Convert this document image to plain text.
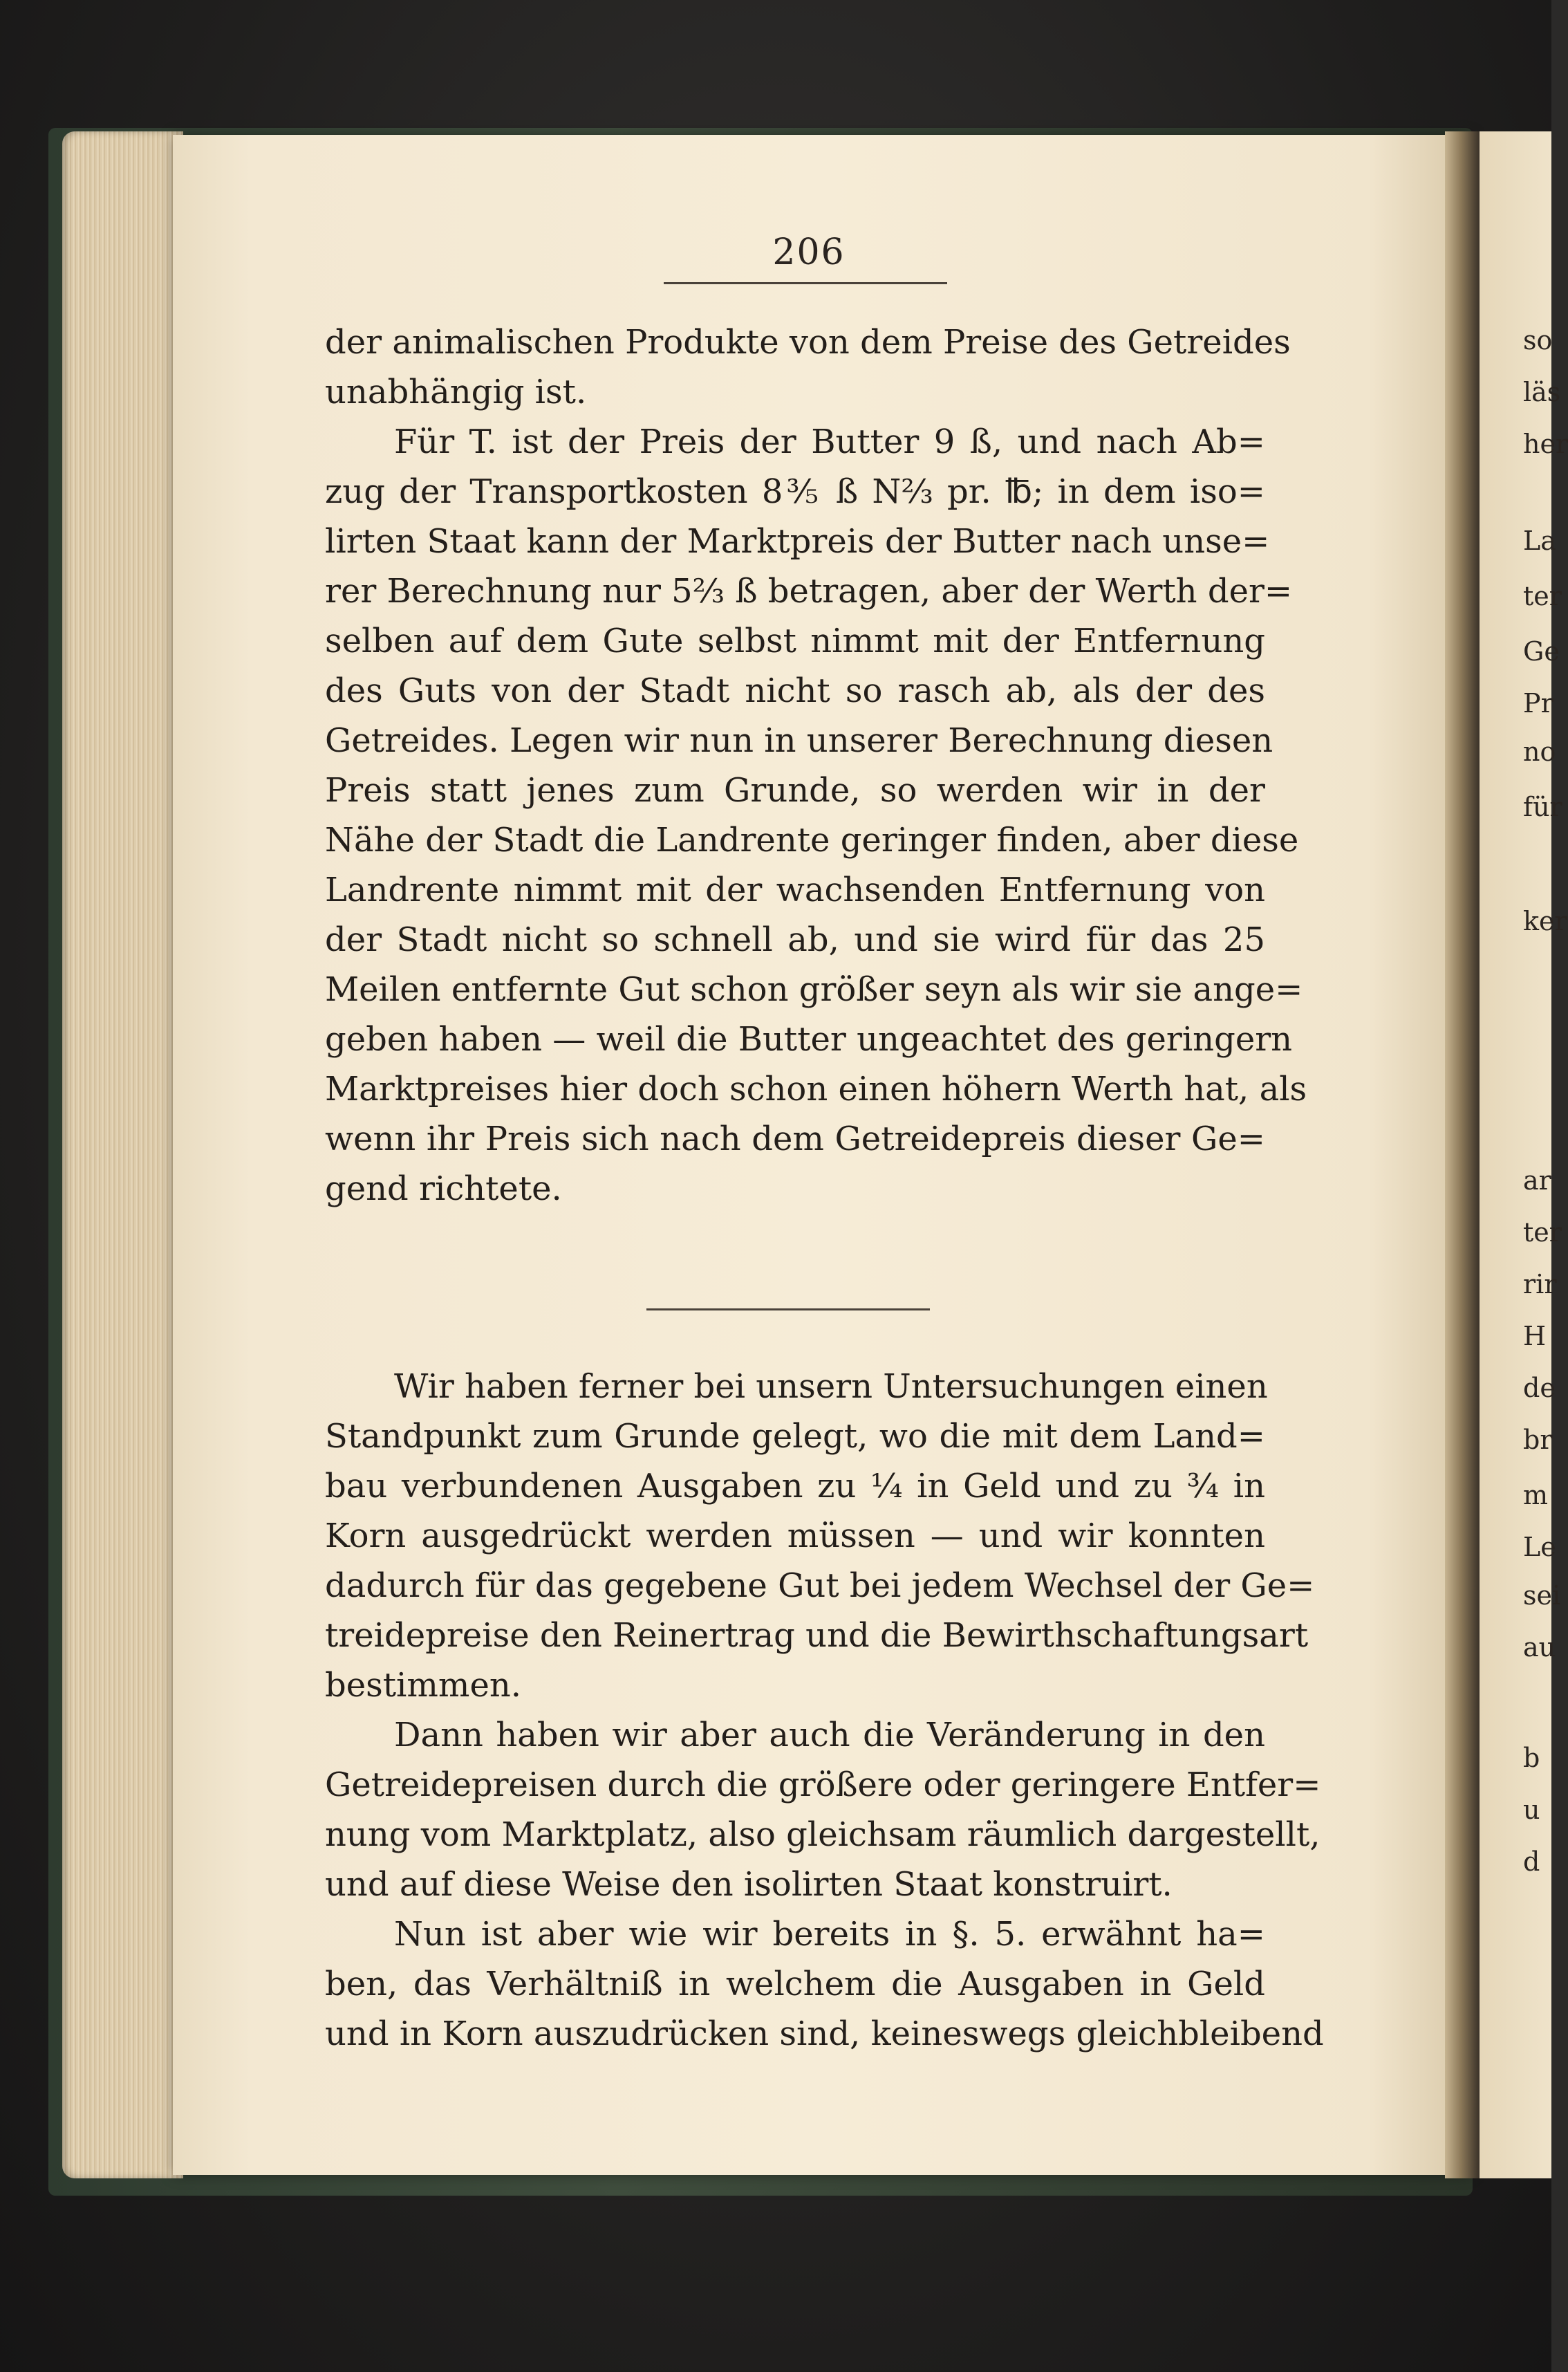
so
läs
her
La
ter
Ge
Pr
no
für
ker
ar
ter
rir
H
de
br
m
Le
sei
au
b
u
d
206
der animalischen Produkte von dem Preise des Getreides
unabhängig ist.
Für T. ist der Preis der Butter 9 ß, und nach Ab=
zug der Transportkosten 8⅗ ß N⅔ pr. ℔; in dem iso=
lirten Staat kann der Marktpreis der Butter nach unse=
rer Berechnung nur 5⅔ ß betragen, aber der Werth der=
selben auf dem Gute selbst nimmt mit der Entfernung
des Guts von der Stadt nicht so rasch ab, als der des
Getreides. Legen wir nun in unserer Berechnung diesen
Preis statt jenes zum Grunde, so werden wir in der
Nähe der Stadt die Landrente geringer finden, aber diese
Landrente nimmt mit der wachsenden Entfernung von
der Stadt nicht so schnell ab, und sie wird für das 25
Meilen entfernte Gut schon größer seyn als wir sie ange=
geben haben — weil die Butter ungeachtet des geringern
Marktpreises hier doch schon einen höhern Werth hat, als
wenn ihr Preis sich nach dem Getreidepreis dieser Ge=
gend richtete.
Wir haben ferner bei unsern Untersuchungen einen
Standpunkt zum Grunde gelegt, wo die mit dem Land=
bau verbundenen Ausgaben zu ¼ in Geld und zu ¾ in
Korn ausgedrückt werden müssen — und wir konnten
dadurch für das gegebene Gut bei jedem Wechsel der Ge=
treidepreise den Reinertrag und die Bewirthschaftungsart
bestimmen.
Dann haben wir aber auch die Veränderung in den
Getreidepreisen durch die größere oder geringere Entfer=
nung vom Marktplatz, also gleichsam räumlich dargestellt,
und auf diese Weise den isolirten Staat konstruirt.
Nun ist aber wie wir bereits in §. 5. erwähnt ha=
ben, das Verhältniß in welchem die Ausgaben in Geld
und in Korn auszudrücken sind, keineswegs gleichbleibend
